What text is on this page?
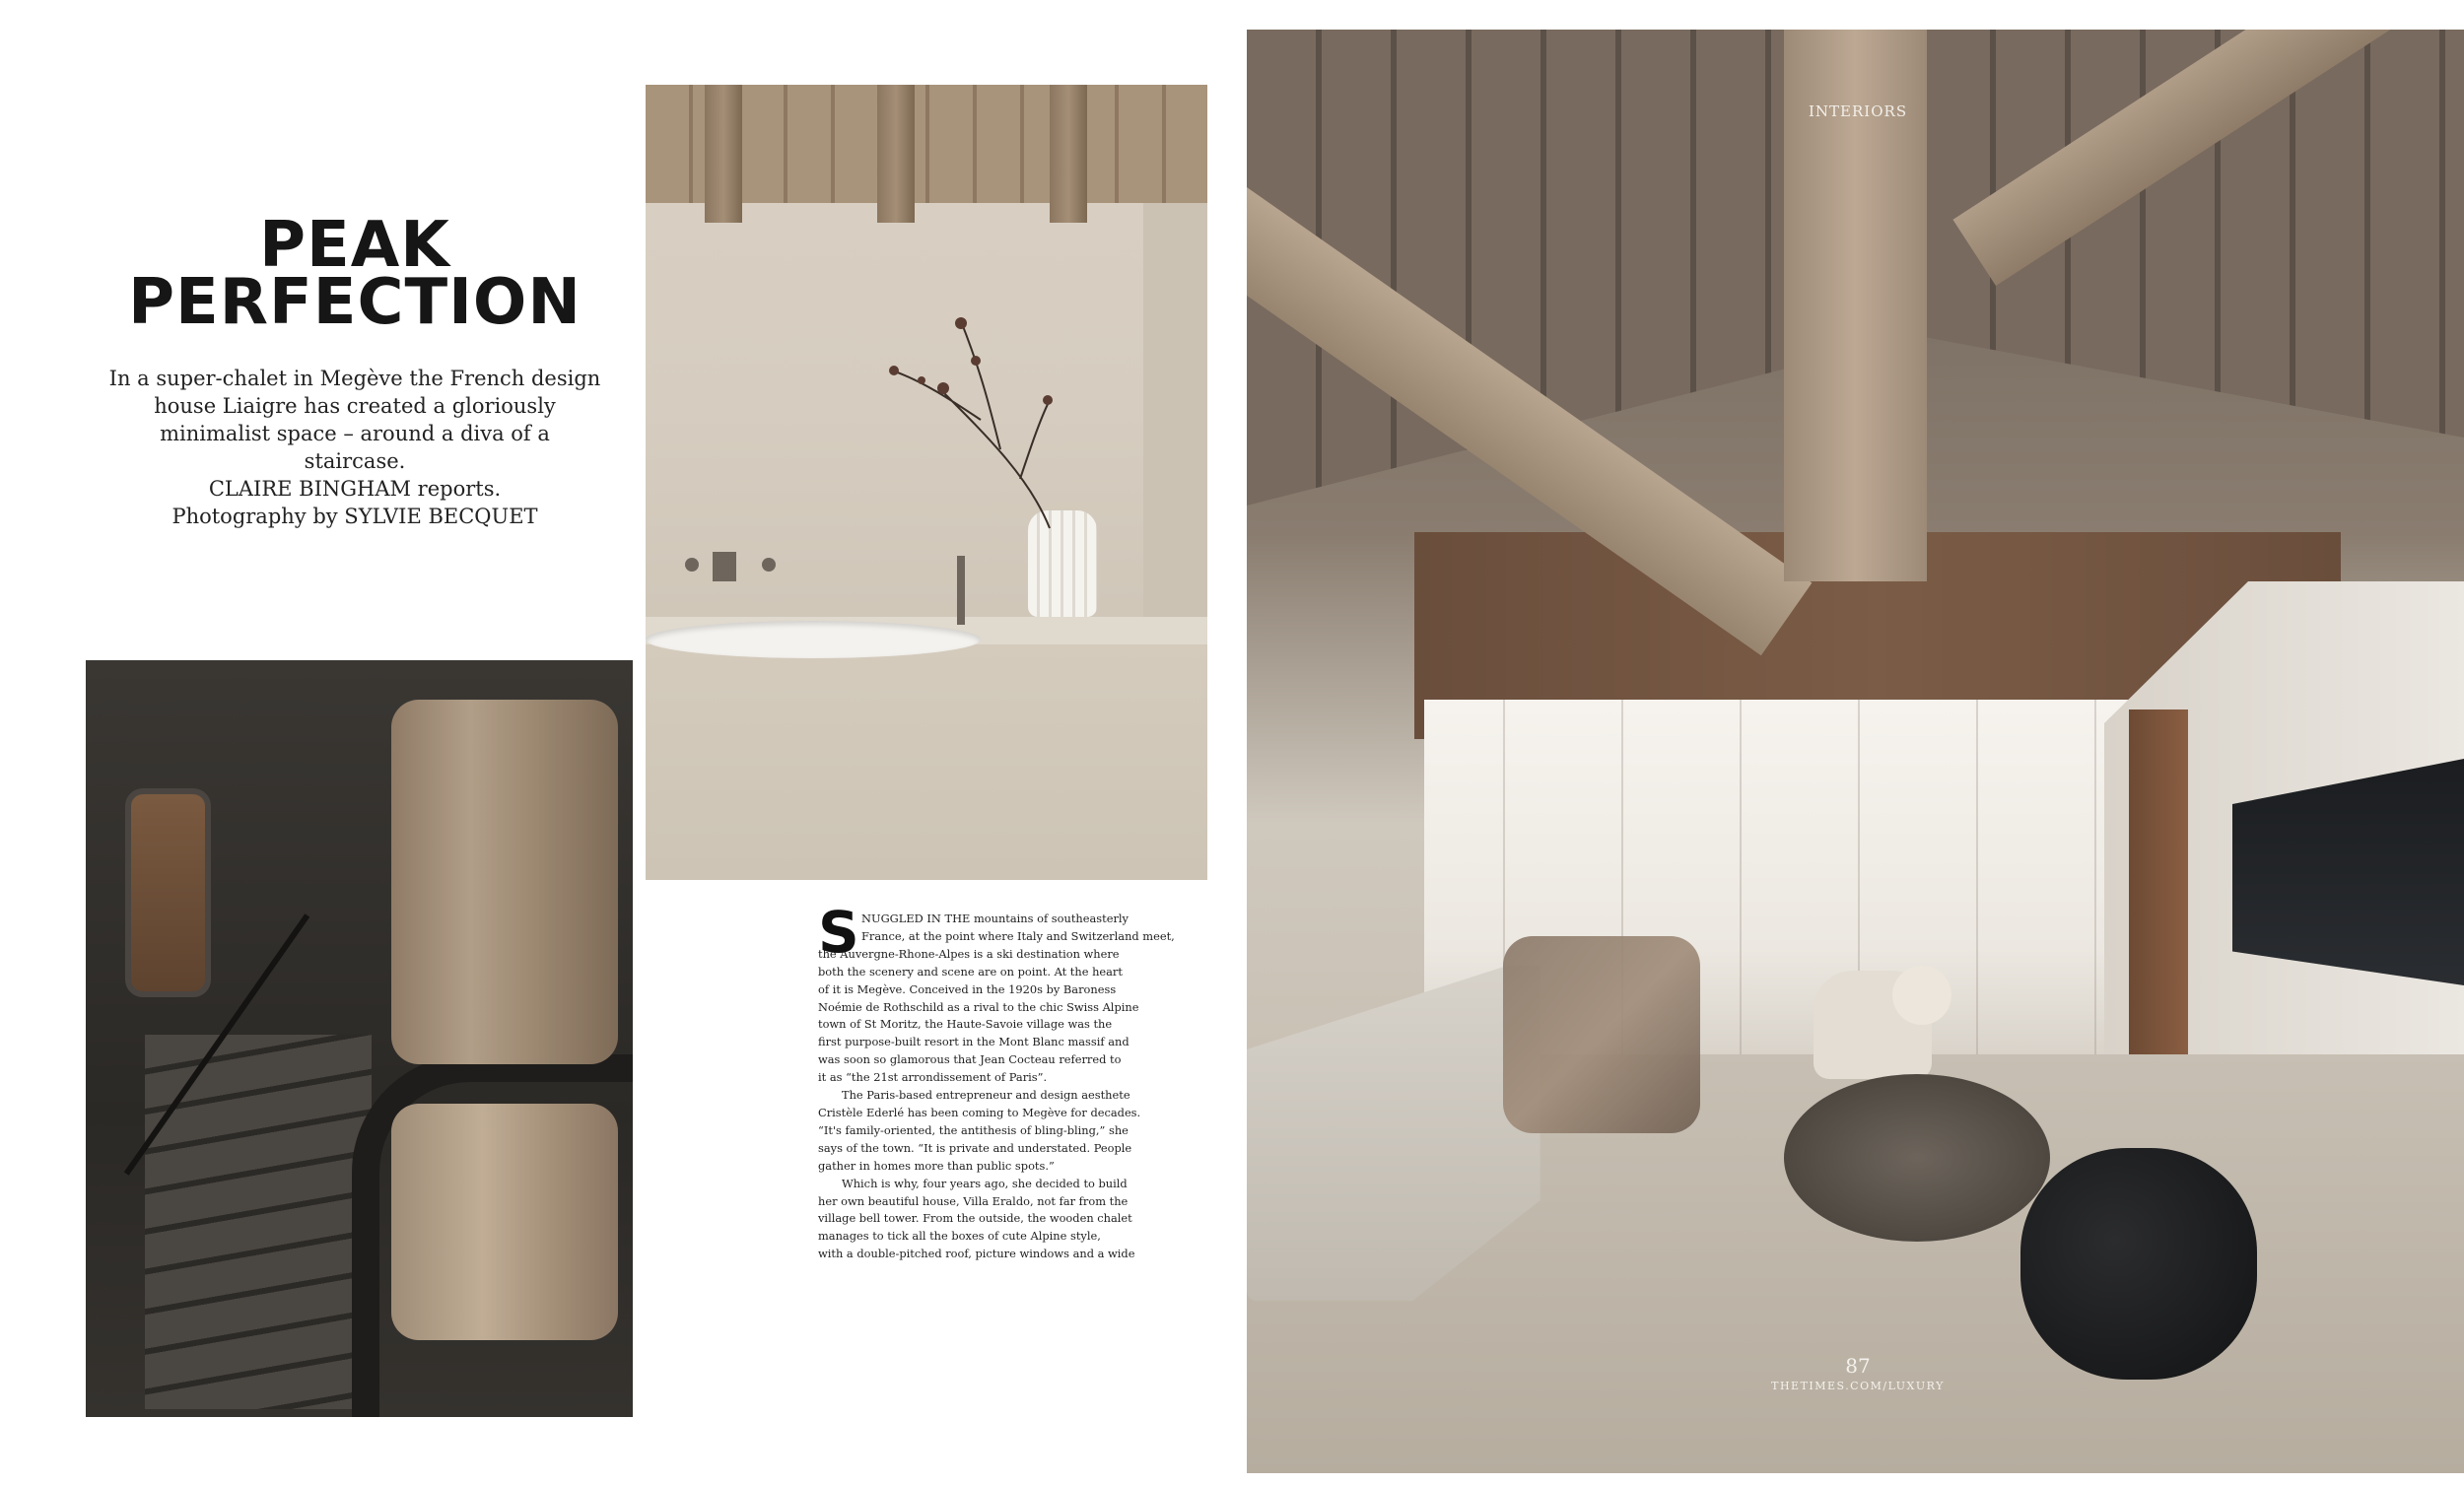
PEAK
PERFECTION
In a super-chalet in Megève the French design
house Liaigre has created a gloriously
minimalist space – around a diva of a staircase.
CLAIRE BINGHAM reports.
Photography by SYLVIE BECQUET
INTERIORS
87
THETIMES.COM/LUXURY
S NUGGLED IN THE mountains of southeasterly
France, at the point where Italy and Switzerland meet,
the Auvergne-Rhone-Alpes is a ski destination where
both the scenery and scene are on point. At the heart
of it is Megève. Conceived in the 1920s by Baroness
Noémie de Rothschild as a rival to the chic Swiss Alpine
town of St Moritz, the Haute-Savoie village was the
first purpose-built resort in the Mont Blanc massif and
was soon so glamorous that Jean Cocteau referred to
it as “the 21st arrondissement of Paris”.
The Paris-based entrepreneur and design aesthete
Cristèle Ederlé has been coming to Megève for decades.
“It's family-oriented, the antithesis of bling-bling,” she
says of the town. “It is private and understated. People
gather in homes more than public spots.”
Which is why, four years ago, she decided to build
her own beautiful house, Villa Eraldo, not far from the
village bell tower. From the outside, the wooden chalet
manages to tick all the boxes of cute Alpine style,
with a double-pitched roof, picture windows and a wide
